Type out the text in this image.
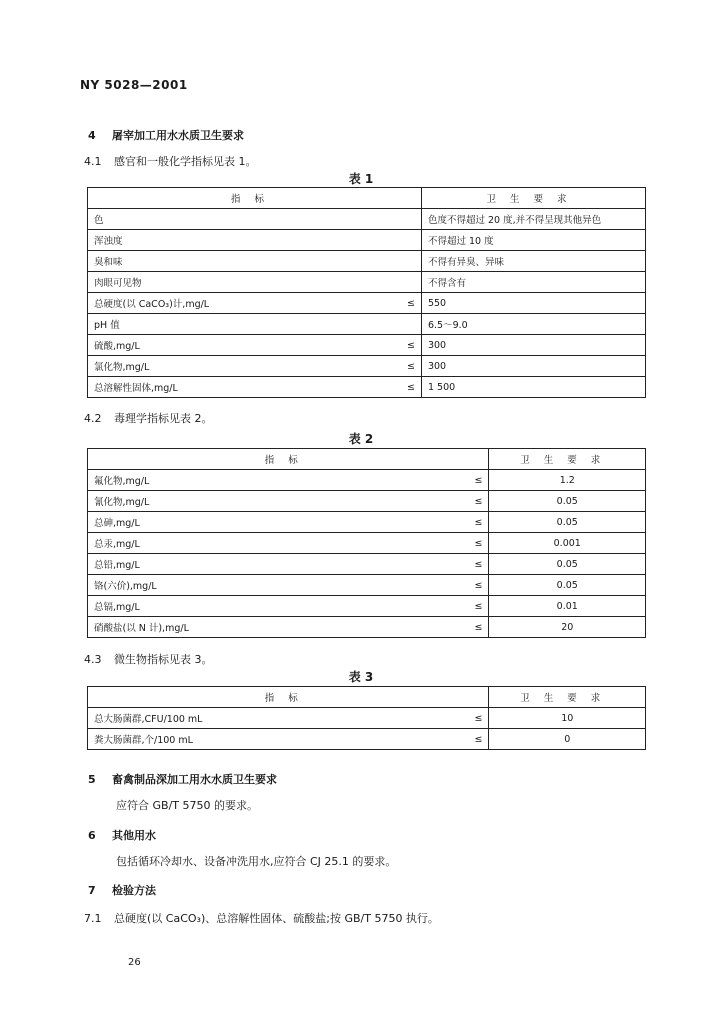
NY 5028—2001
4 屠宰加工用水水质卫生要求
4.1 感官和一般化学指标见表 1。
表 1
指标		卫生要求
色		色度不得超过 20 度,并不得呈现其他异色
浑浊度		不得超过 10 度
臭和味		不得有异臭、异味
肉眼可见物		不得含有
总硬度(以 CaCO₃)计,mg/L	≤	550
pH 值		6.5～9.0
硫酸,mg/L	≤	300
氯化物,mg/L	≤	300
总溶解性固体,mg/L	≤	1 500
4.2 毒理学指标见表 2。
表 2
指标		卫生要求
氟化物,mg/L	≤	1.2
氰化物,mg/L	≤	0.05
总砷,mg/L	≤	0.05
总汞,mg/L	≤	0.001
总铅,mg/L	≤	0.05
铬(六价),mg/L	≤	0.05
总镉,mg/L	≤	0.01
硝酸盐(以 N 计),mg/L	≤	20
4.3 微生物指标见表 3。
表 3
指标		卫生要求
总大肠菌群,CFU/100 mL	≤	10
粪大肠菌群,个/100 mL	≤	0
5 畜禽制品深加工用水水质卫生要求
应符合 GB/T 5750 的要求。
6 其他用水
包括循环冷却水、设备冲洗用水,应符合 CJ 25.1 的要求。
7 检验方法
7.1 总硬度(以 CaCO₃)、总溶解性固体、硫酸盐;按 GB/T 5750 执行。
26
